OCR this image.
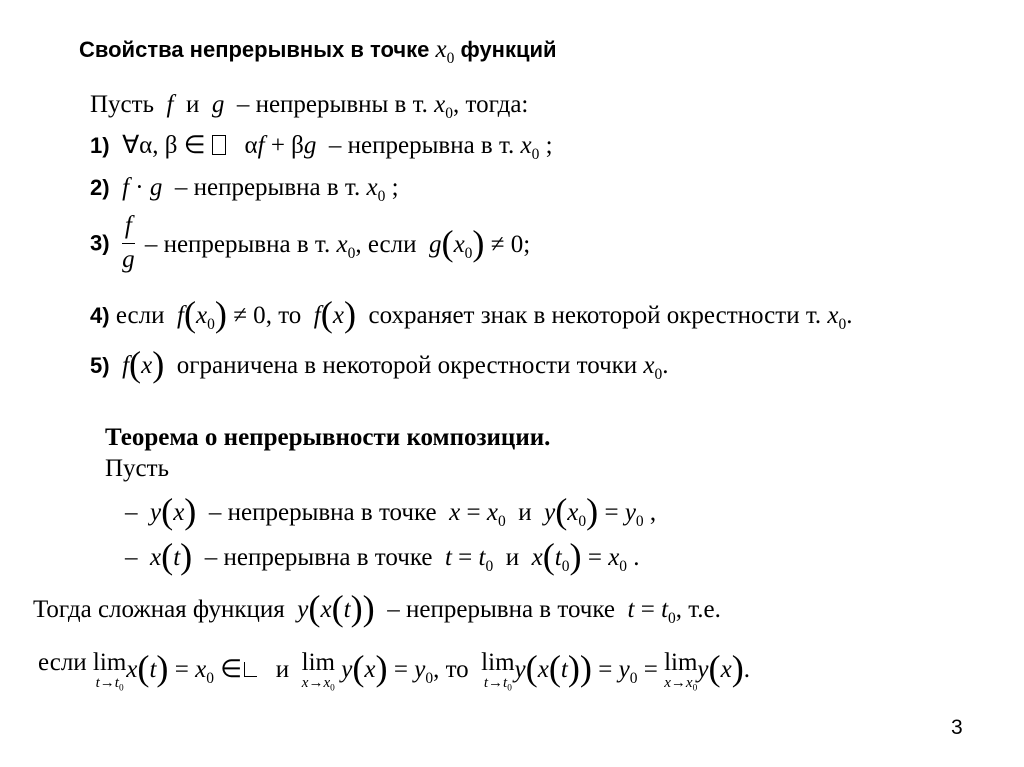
Свойства непрерывных в точке $x_0$ функций
Пусть f и g – непрерывны в т. $x_0$, тогда:
1) ∀α, β ∈    αf + βg – непрерывна в т. $x_0$ ;
2) f · g – непрерывна в т. $x_0$ ;
$3) \frac{f}{g}$ – непрерывна в т. $x_0$, если $g(x_0) \ne 0$;
4) если $f(x_0) \ne 0$, то f(x) сохраняет знак в некоторой окрестности т. $x_0$.
5) f(x) ограничена в некоторой окрестности точки $x_0$.
Теорема о непрерывности композиции.
Пусть
–  y(x) – непрерывна в точке $x = x_0$ и $y(x_0) = y_0$ ,
–  x(t) – непрерывна в точке $t = t_0$ и $x(t_0) = x_0$ .
Тогда сложная функция y(x(t)) – непрерывна в точке $t = t_0$, т.е.
если lim
$t\to t_0$
$x(t) = x_0$ ∈ и lim
$x\to x_0$
$y(x) = y_0$, то lim
$t\to t_0$
$y(x(t)) = y_0 = \lim$
$x\to x_0$
y(x).
3
